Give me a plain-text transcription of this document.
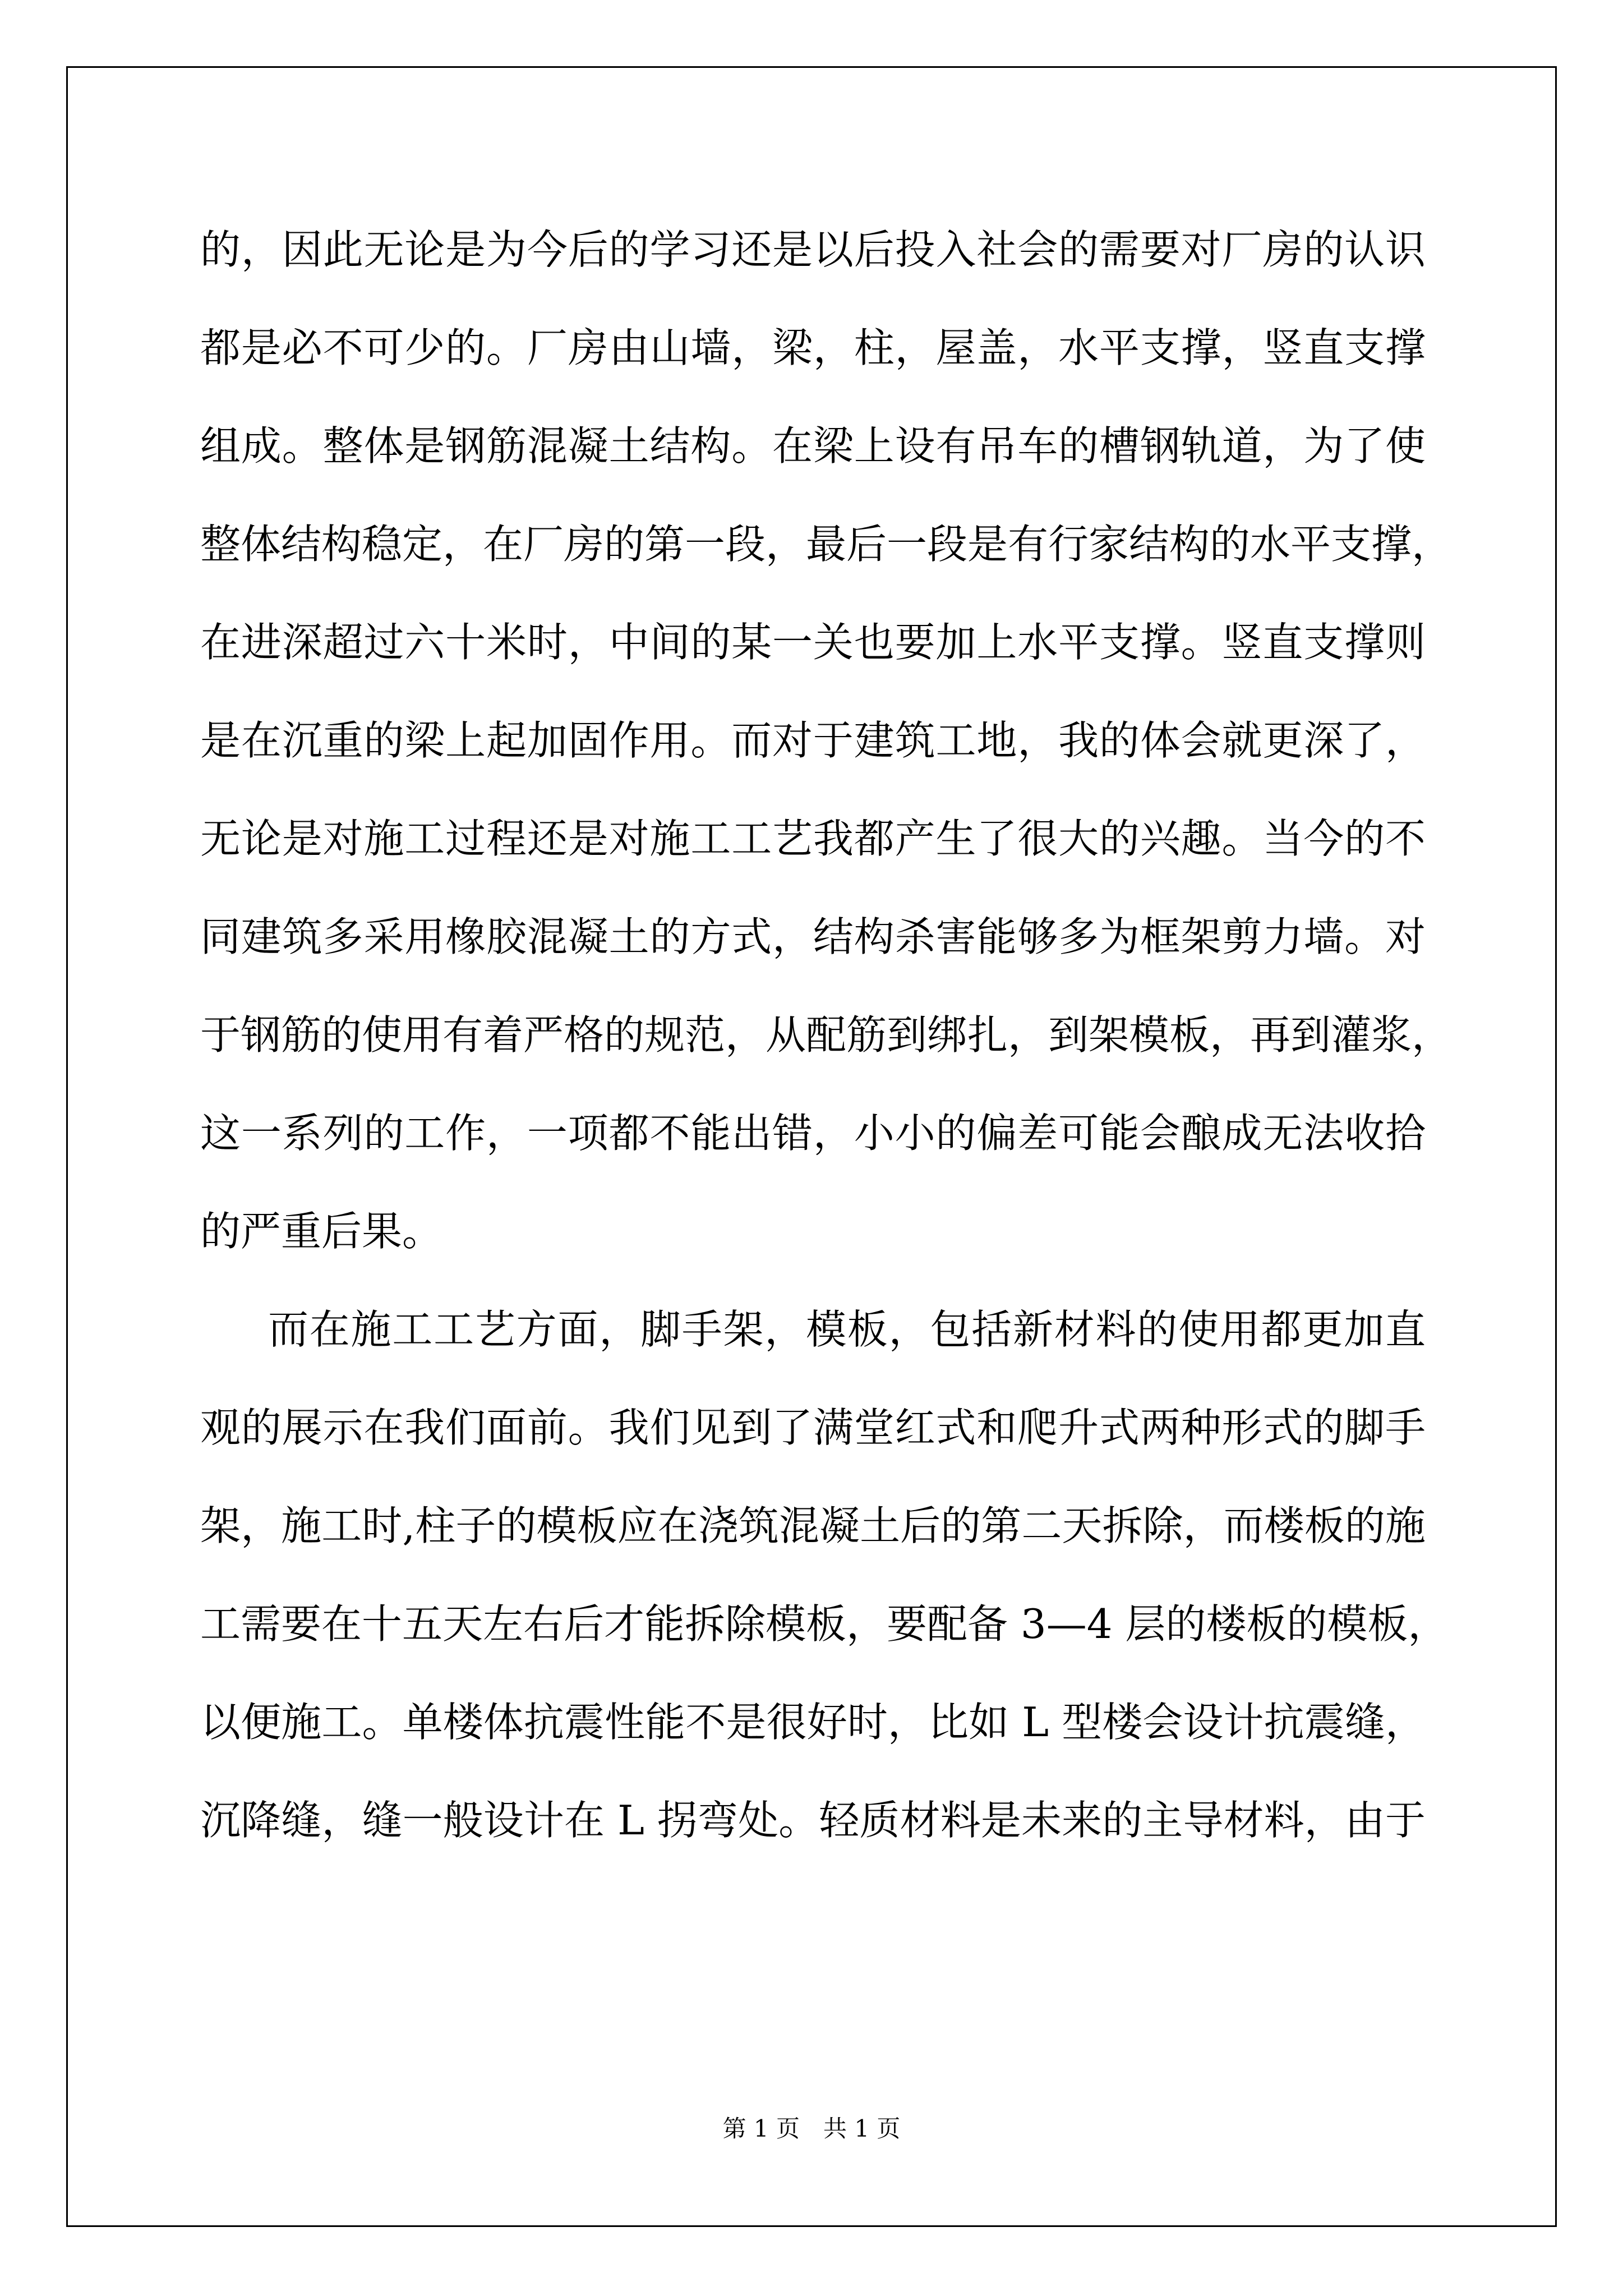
的，因此无论是为今后的学习还是以后投入社会的需要对厂房的认识
都是必不可少的。厂房由山墙，梁，柱，屋盖，水平支撑，竖直支撑
组成。整体是钢筋混凝土结构。在梁上设有吊车的槽钢轨道，为了使
整体结构稳定，在厂房的第一段，最后一段是有行家结构的水平支撑，
在进深超过六十米时，中间的某一关也要加上水平支撑。竖直支撑则
是在沉重的梁上起加固作用。而对于建筑工地，我的体会就更深了，
无论是对施工过程还是对施工工艺我都产生了很大的兴趣。当今的不
同建筑多采用橡胶混凝土的方式，结构杀害能够多为框架剪力墙。对
于钢筋的使用有着严格的规范，从配筋到绑扎，到架模板，再到灌浆，
这一系列的工作，一项都不能出错，小小的偏差可能会酿成无法收拾
的严重后果。
而在施工工艺方面，脚手架，模板，包括新材料的使用都更加直
观的展示在我们面前。我们见到了满堂红式和爬升式两种形式的脚手
架，施工时,柱子的模板应在浇筑混凝土后的第二天拆除，而楼板的施
工需要在十五天左右后才能拆除模板，要配备 3—4 层的楼板的模板，
以便施工。单楼体抗震性能不是很好时，比如 L 型楼会设计抗震缝，
沉降缝，缝一般设计在 L 拐弯处。轻质材料是未来的主导材料，由于
第 1 页　共 1 页
